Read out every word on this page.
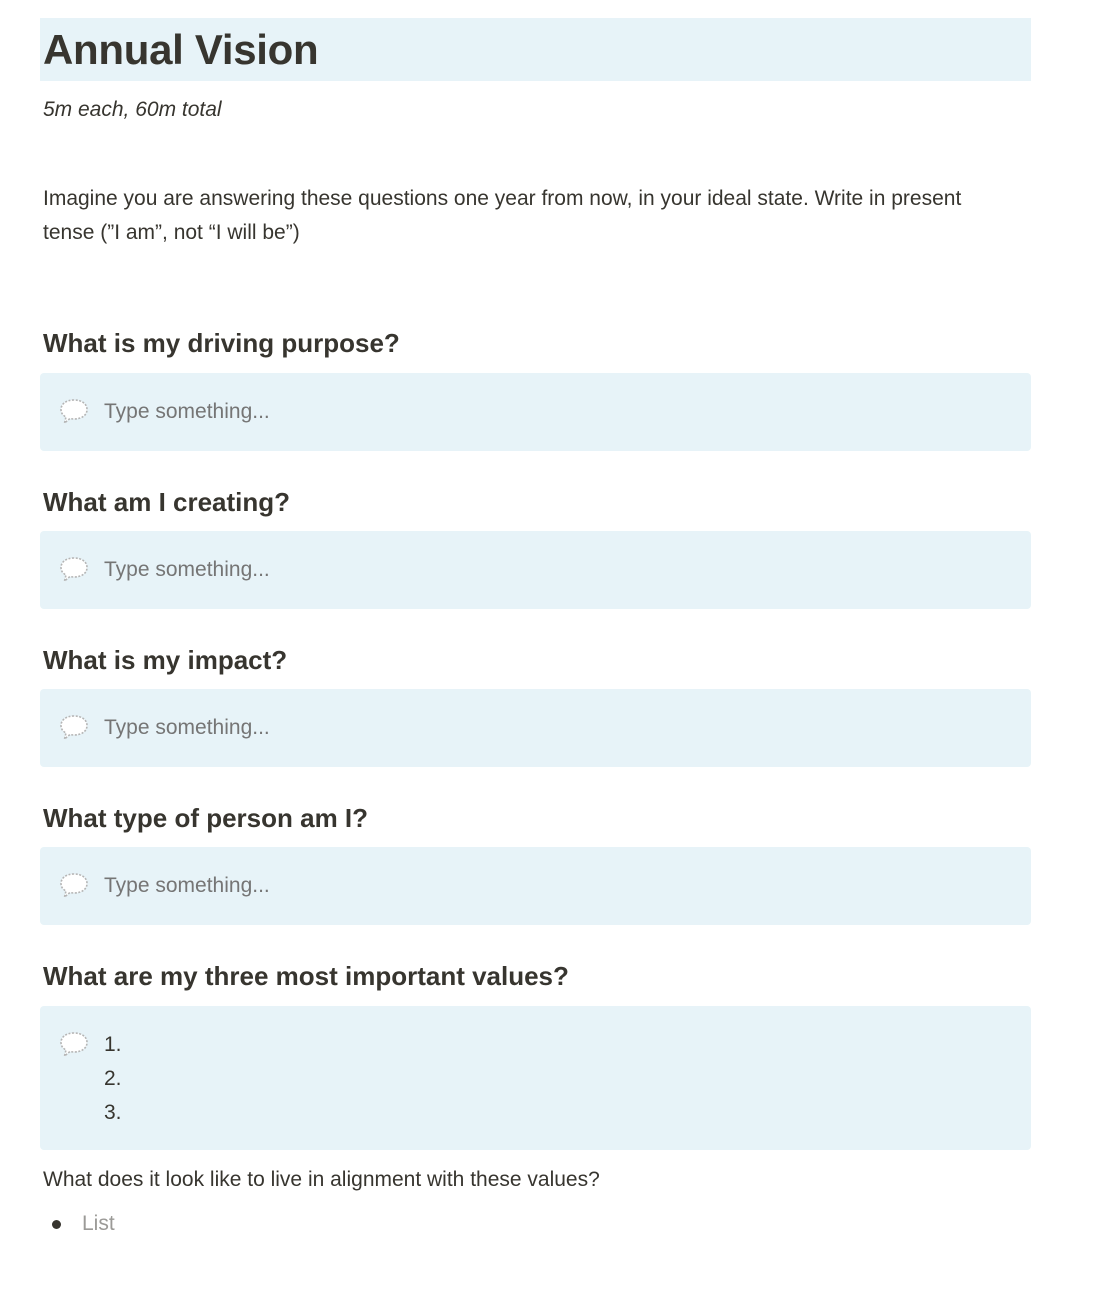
Annual Vision
5m each, 60m total
Imagine you are answering these questions one year from now, in your ideal state. Write in present tense (”I am”, not “I will be”)
What is my driving purpose?
Type something...
What am I creating?
Type something...
What is my impact?
Type something...
What type of person am I?
Type something...
What are my three most important values?
1.
2.
3.
What does it look like to live in alignment with these values?
List
